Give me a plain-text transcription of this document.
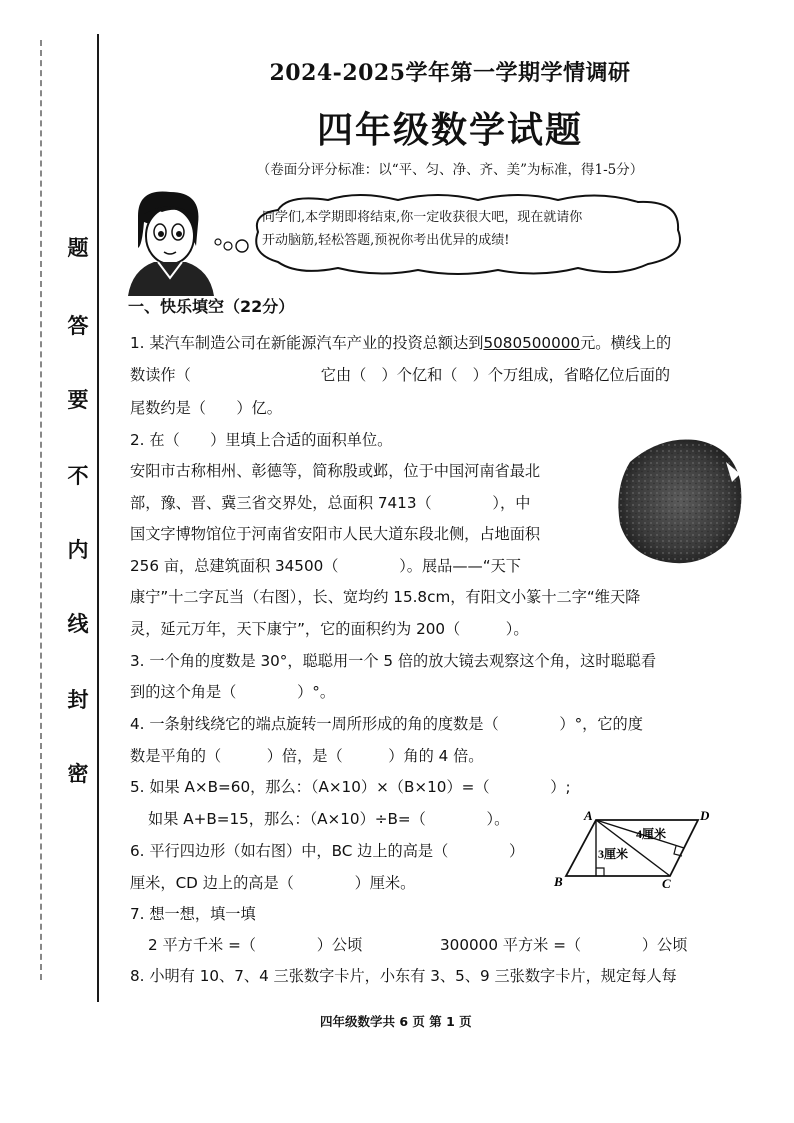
题
答
要
不
内
线
封
密
2024-2025学年第一学期学情调研
四年级数学试题
（卷面分评分标准：以“平、匀、净、齐、美”为标准，得1-5分）
同学们,本学期即将结束,你一定收获很大吧，现在就请你
开动脑筋,轻松答题,预祝你考出优异的成绩!
一、快乐填空（22分）
1. 某汽车制造公司在新能源汽车产业的投资总额达到5080500000元。横线上的
数读作（	它由（　）个亿和（　）个万组成，省略亿位后面的
尾数约是（　　）亿。
2. 在（　　）里填上合适的面积单位。
安阳市古称相州、彰德等，简称殷或邺，位于中国河南省最北
部，豫、晋、冀三省交界处，总面积 7413（　　　　），中
国文字博物馆位于河南省安阳市人民大道东段北侧，占地面积
256 亩，总建筑面积 34500（　　　　）。展品——“天下
康宁”十二字瓦当（右图），长、宽均约 15.8cm，有阳文小篆十二字“维天降
灵，延元万年，天下康宁”，它的面积约为 200（　　　）。
3. 一个角的度数是 30°，聪聪用一个 5 倍的放大镜去观察这个角，这时聪聪看
到的这个角是（　　　　）°。
4. 一条射线绕它的端点旋转一周所形成的角的度数是（　　　　）°，它的度
数是平角的（　　　）倍，是（　　　）角的 4 倍。
5. 如果 A×B=60，那么：（A×10）×（B×10）=（　　　　）;
如果 A+B=15，那么：（A×10）÷B=（　　　　）。
6. 平行四边形（如右图）中，BC 边上的高是（　　　　）
厘米，CD 边上的高是（　　　　）厘米。
A	D
B	C
4厘米
3厘米
7. 想一想，填一填
2 平方千米 =（　　　　）公顷	300000 平方米 =（　　　　）公顷
8. 小明有 10、7、4 三张数字卡片，小东有 3、5、9 三张数字卡片，规定每人每
四年级数学共 6 页 第 1 页
